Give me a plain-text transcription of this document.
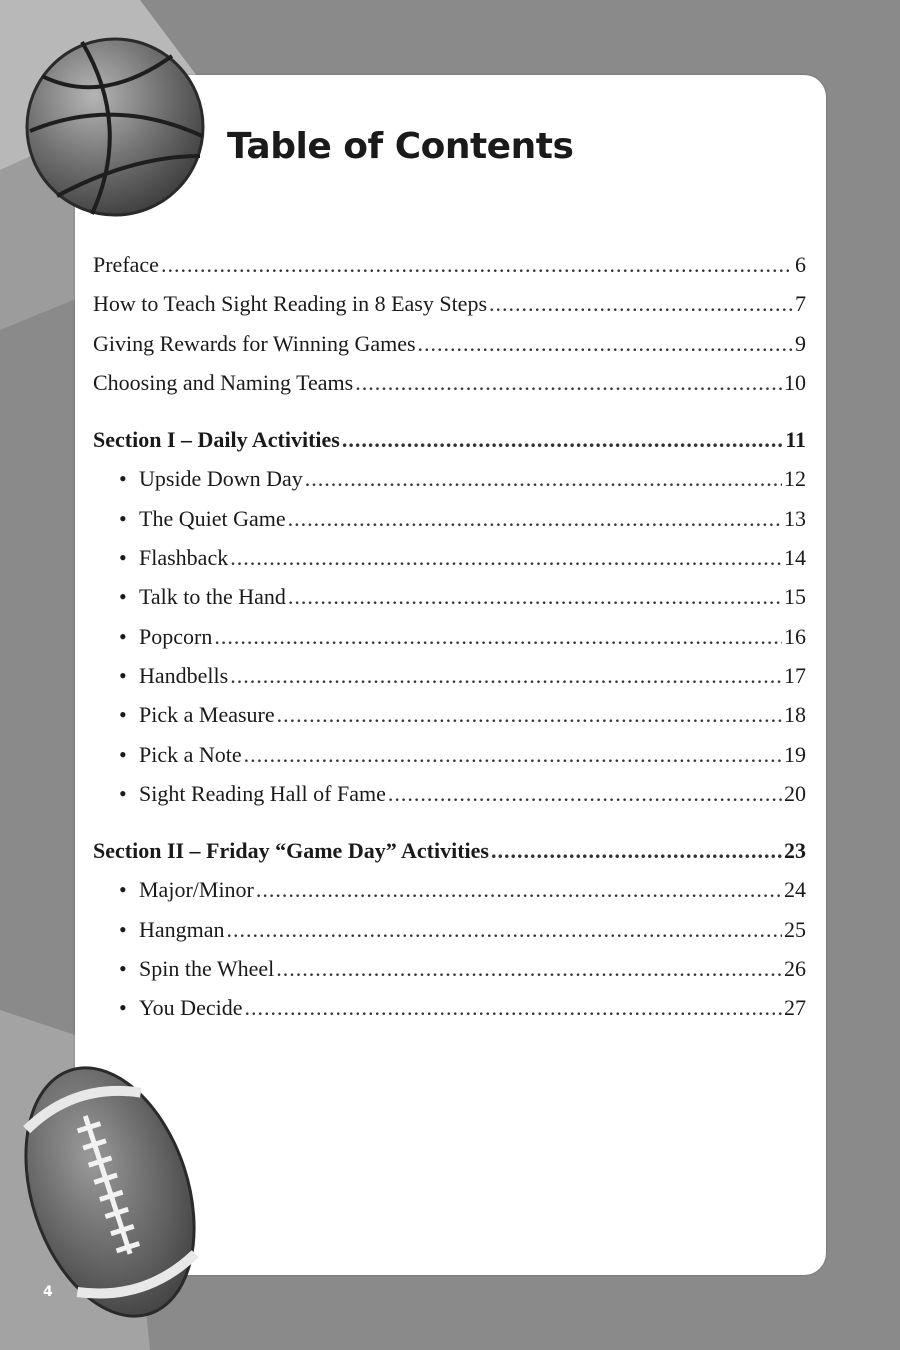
Table of Contents
Preface .....	6
How to Teach Sight Reading in 8 Easy Steps .....	7
Giving Rewards for Winning Games .....	9
Choosing and Naming Teams .....	10
Section I – Daily Activities .....	11
• Upside Down Day .....	12
• The Quiet Game .....	13
• Flashback .....	14
• Talk to the Hand .....	15
• Popcorn .....	16
• Handbells .....	17
• Pick a Measure .....	18
• Pick a Note .....	19
• Sight Reading Hall of Fame .....	20
Section II – Friday “Game Day” Activities .....	23
• Major/Minor .....	24
• Hangman .....	25
• Spin the Wheel .....	26
• You Decide .....	27
4
